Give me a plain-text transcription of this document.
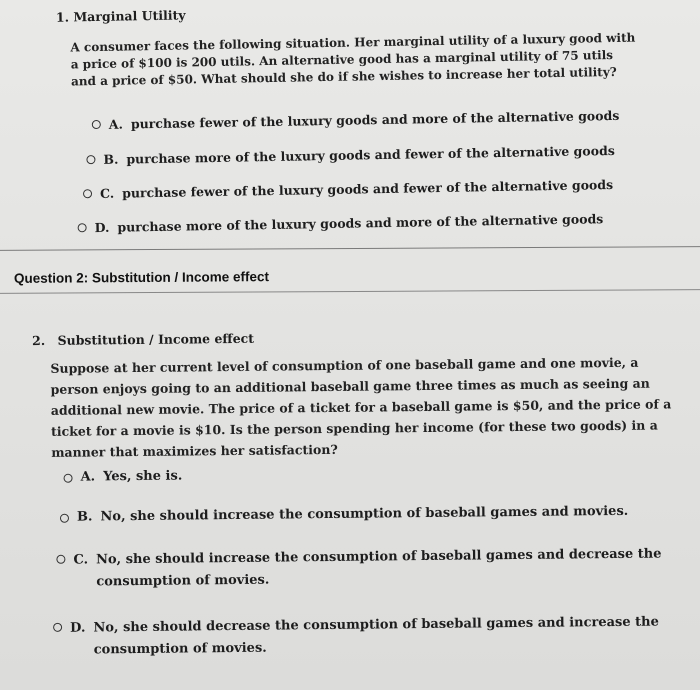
1. Marginal Utility
A consumer faces the following situation. Her marginal utility of a luxury good with a price of $100 is 200 utils. An alternative good has a marginal utility of 75 utils and a price of $50. What should she do if she wishes to increase her total utility?
A. purchase fewer of the luxury goods and more of the alternative goods
B. purchase more of the luxury goods and fewer of the alternative goods
C. purchase fewer of the luxury goods and fewer of the alternative goods
D. purchase more of the luxury goods and more of the alternative goods
Question 2: Substitution / Income effect
2. Substitution / Income effect
Suppose at her current level of consumption of one baseball game and one movie, a person enjoys going to an additional baseball game three times as much as seeing an additional new movie. The price of a ticket for a baseball game is $50, and the price of a ticket for a movie is $10. Is the person spending her income (for these two goods) in a manner that maximizes her satisfaction?
A. Yes, she is.
B. No, she should increase the consumption of baseball games and movies.
C. No, she should increase the consumption of baseball games and decrease the consumption of movies.
D. No, she should decrease the consumption of baseball games and increase the consumption of movies.
